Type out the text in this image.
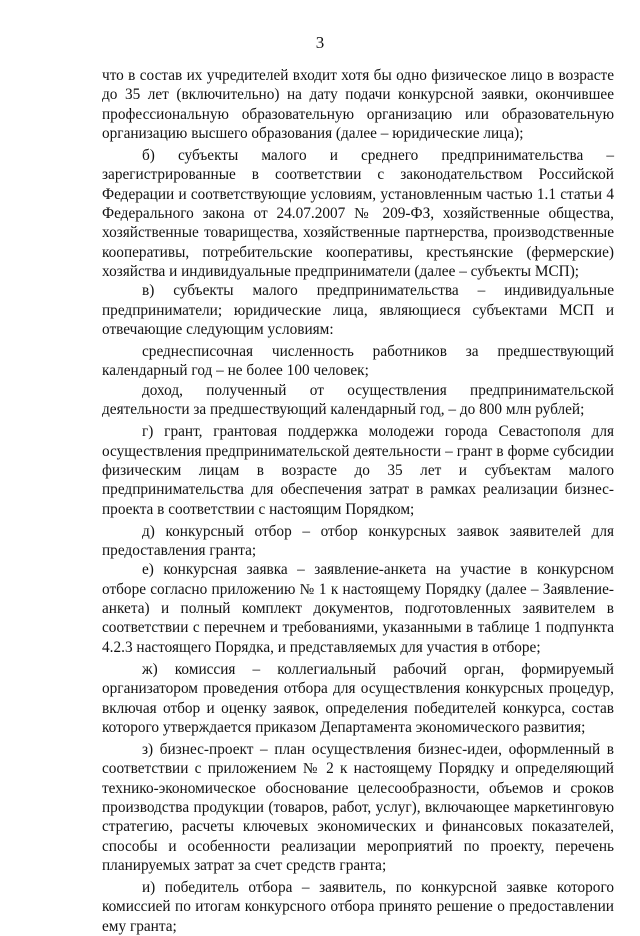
3

что в состав их учредителей входит хотя бы одно физическое лицо в возрасте до 35 лет (включительно) на дату подачи конкурсной заявки, окончившее профессиональную образовательную организацию или образовательную организацию высшего образования (далее – юридические лица);

б) субъекты малого и среднего предпринимательства – зарегистрированные в соответствии с законодательством Российской Федерации и соответствующие условиям, установленным частью 1.1 статьи 4 Федерального закона от 24.07.2007 № 209-ФЗ, хозяйственные общества, хозяйственные товарищества, хозяйственные партнерства, производственные кооперативы, потребительские кооперативы, крестьянские (фермерские) хозяйства и индивидуальные предприниматели (далее – субъекты МСП);

в) субъекты малого предпринимательства – индивидуальные предприниматели; юридические лица, являющиеся субъектами МСП и отвечающие следующим условиям:

среднесписочная численность работников за предшествующий календарный год – не более 100 человек;

доход, полученный от осуществления предпринимательской деятельности за предшествующий календарный год, – до 800 млн рублей;

г) грант, грантовая поддержка молодежи города Севастополя для осуществления предпринимательской деятельности – грант в форме субсидии физическим лицам в возрасте до 35 лет и субъектам малого предпринимательства для обеспечения затрат в рамках реализации бизнес-проекта в соответствии с настоящим Порядком;

д) конкурсный отбор – отбор конкурсных заявок заявителей для предоставления гранта;

е) конкурсная заявка – заявление-анкета на участие в конкурсном отборе согласно приложению № 1 к настоящему Порядку (далее – Заявление-анкета) и полный комплект документов, подготовленных заявителем в соответствии с перечнем и требованиями, указанными в таблице 1 подпункта 4.2.3 настоящего Порядка, и представляемых для участия в отборе;

ж) комиссия – коллегиальный рабочий орган, формируемый организатором проведения отбора для осуществления конкурсных процедур, включая отбор и оценку заявок, определения победителей конкурса, состав которого утверждается приказом Департамента экономического развития;

з) бизнес-проект – план осуществления бизнес-идеи, оформленный в соответствии с приложением № 2 к настоящему Порядку и определяющий технико-экономическое обоснование целесообразности, объемов и сроков производства продукции (товаров, работ, услуг), включающее маркетинговую стратегию, расчеты ключевых экономических и финансовых показателей, способы и особенности реализации мероприятий по проекту, перечень планируемых затрат за счет средств гранта;

и) победитель отбора – заявитель, по конкурсной заявке которого комиссией по итогам конкурсного отбора принято решение о предоставлении ему гранта;
